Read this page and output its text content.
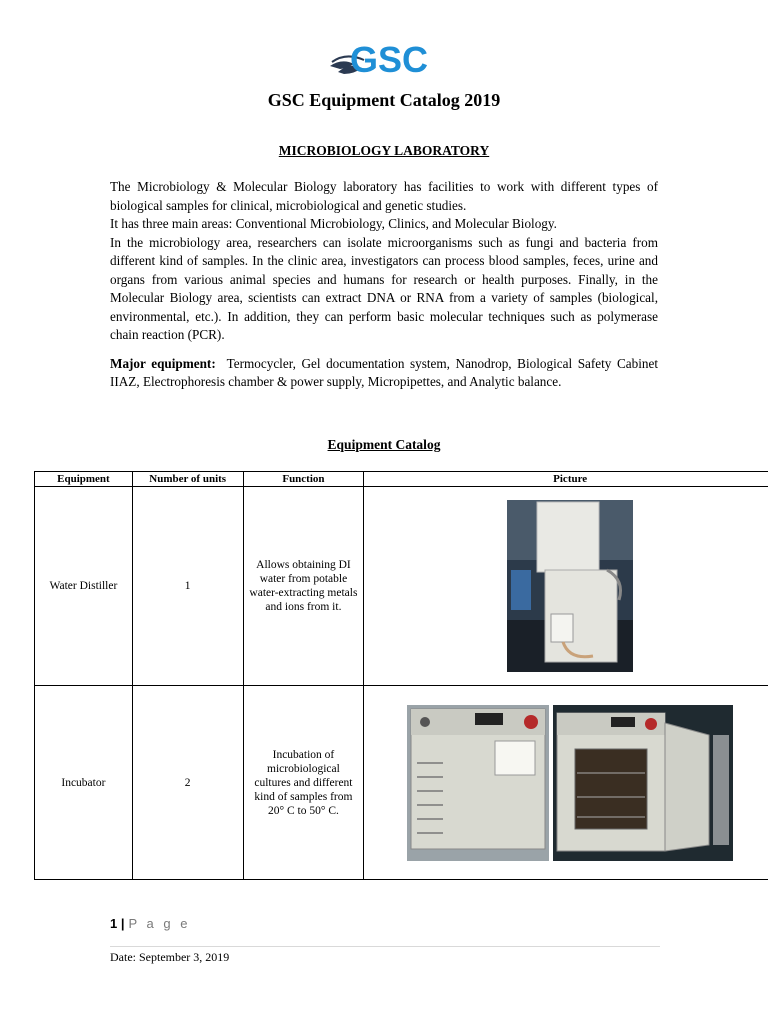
GSC
GSC Equipment Catalog 2019
MICROBIOLOGY LABORATORY

The Microbiology & Molecular Biology laboratory has facilities to work with different types of biological samples for clinical, microbiological and genetic studies.

It has three main areas: Conventional Microbiology, Clinics, and Molecular Biology.

In the microbiology area, researchers can isolate microorganisms such as fungi and bacteria from different kind of samples. In the clinic area, investigators can process blood samples, feces, urine and organs from various animal species and humans for research or health purposes. Finally, in the Molecular Biology area, scientists can extract DNA or RNA from a variety of samples (biological, environmental, etc.). In addition, they can perform basic molecular techniques such as polymerase chain reaction (PCR).

Major equipment: Termocycler, Gel documentation system, Nanodrop, Biological Safety Cabinet IIAZ, Electrophoresis chamber & power supply, Micropipettes, and Analytic balance.

Equipment Catalog
Equipment	Number of units	Function	Picture
Water Distiller	1	Allows obtaining DI water from potable water-extracting metals and ions from it.	

Incubator	2	Incubation of microbiological cultures and different kind of samples from 20° C to 50° C.	
1 | P a g e
Date: September 3, 2019
